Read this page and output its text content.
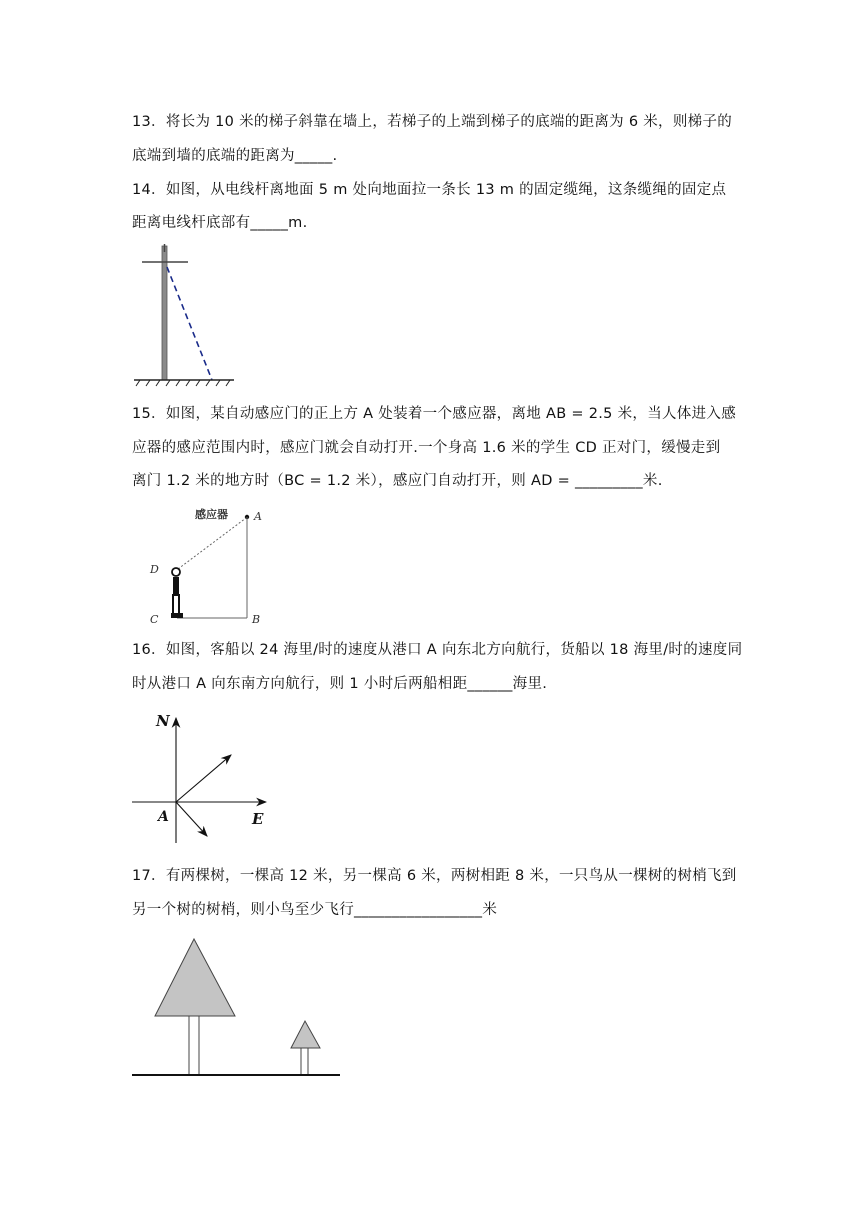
13．将长为 10 米的梯子斜靠在墙上，若梯子的上端到梯子的底端的距离为 6 米，则梯子的
底端到墙的底端的距离为_____.
14．如图，从电线杆离地面 5 m 处向地面拉一条长 13 m 的固定缆绳，这条缆绳的固定点
距离电线杆底部有_____m.
15．如图，某自动感应门的正上方 A 处装着一个感应器，离地 AB = 2.5 米，当人体进入感
应器的感应范围内时，感应门就会自动打开.一个身高 1.6 米的学生 CD 正对门，缓慢走到
离门 1.2 米的地方时（BC = 1.2 米），感应门自动打开，则 AD = _________米.
感应器 A
D
C	B
16．如图，客船以 24 海里/时的速度从港口 A 向东北方向航行，货船以 18 海里/时的速度同
时从港口 A 向东南方向航行，则 1 小时后两船相距______海里.
N
E
A
17．有两棵树，一棵高 12 米，另一棵高 6 米，两树相距 8 米，一只鸟从一棵树的树梢飞到
另一个树的树梢，则小鸟至少飞行_________________米
